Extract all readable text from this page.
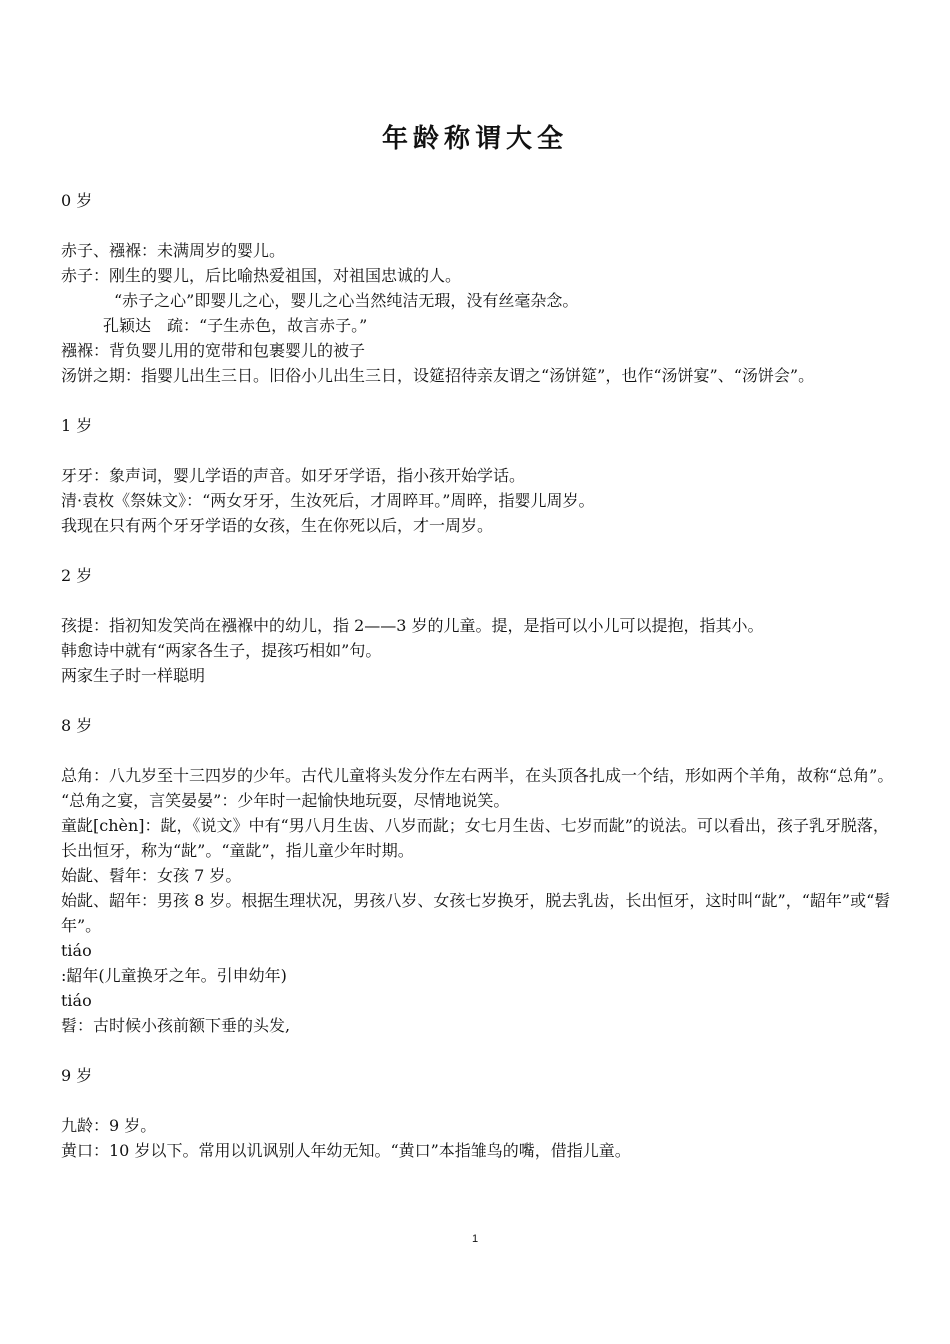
年龄称谓大全
0 岁
赤子、襁褓：未满周岁的婴儿。
赤子：刚生的婴儿，后比喻热爱祖国，对祖国忠诚的人。
“赤子之心”即婴儿之心，婴儿之心当然纯洁无瑕，没有丝毫杂念。
孔颖达　疏：“子生赤色，故言赤子。”
襁褓：背负婴儿用的宽带和包裹婴儿的被子
汤饼之期：指婴儿出生三日。旧俗小儿出生三日，设筵招待亲友谓之“汤饼筵”，也作“汤饼宴”、“汤饼会”。
1 岁
牙牙：象声词，婴儿学语的声音。如牙牙学语，指小孩开始学话。
清·袁枚《祭妹文》：“两女牙牙，生汝死后，才周晬耳。”周晬，指婴儿周岁。
我现在只有两个牙牙学语的女孩，生在你死以后，才一周岁。
2 岁
孩提：指初知发笑尚在襁褓中的幼儿，指 2——3 岁的儿童。提，是指可以小儿可以提抱，指其小。
韩愈诗中就有“两家各生子，提孩巧相如”句。
两家生子时一样聪明
8 岁
总角：八九岁至十三四岁的少年。古代儿童将头发分作左右两半，在头顶各扎成一个结，形如两个羊角，故称“总角”。
“总角之宴，言笑晏晏”：少年时一起愉快地玩耍，尽情地说笑。
童龀[chèn]：龀，《说文》中有“男八月生齿、八岁而龀；女七月生齿、七岁而龀”的说法。可以看出，孩子乳牙脱落，长出恒牙，称为“龀”。“童龀”，指儿童少年时期。
始龀、髫年：女孩 7 岁。
始龀、龆年：男孩 8 岁。根据生理状况，男孩八岁、女孩七岁换牙，脱去乳齿，长出恒牙，这时叫“龀”，“龆年”或“髫年”。
tiáo
:龆年(儿童换牙之年。引申幼年)
tiáo
髫：古时候小孩前额下垂的头发,
9 岁
九龄：9 岁。
黄口：10 岁以下。常用以讥讽别人年幼无知。“黄口”本指雏鸟的嘴，借指儿童。
1
